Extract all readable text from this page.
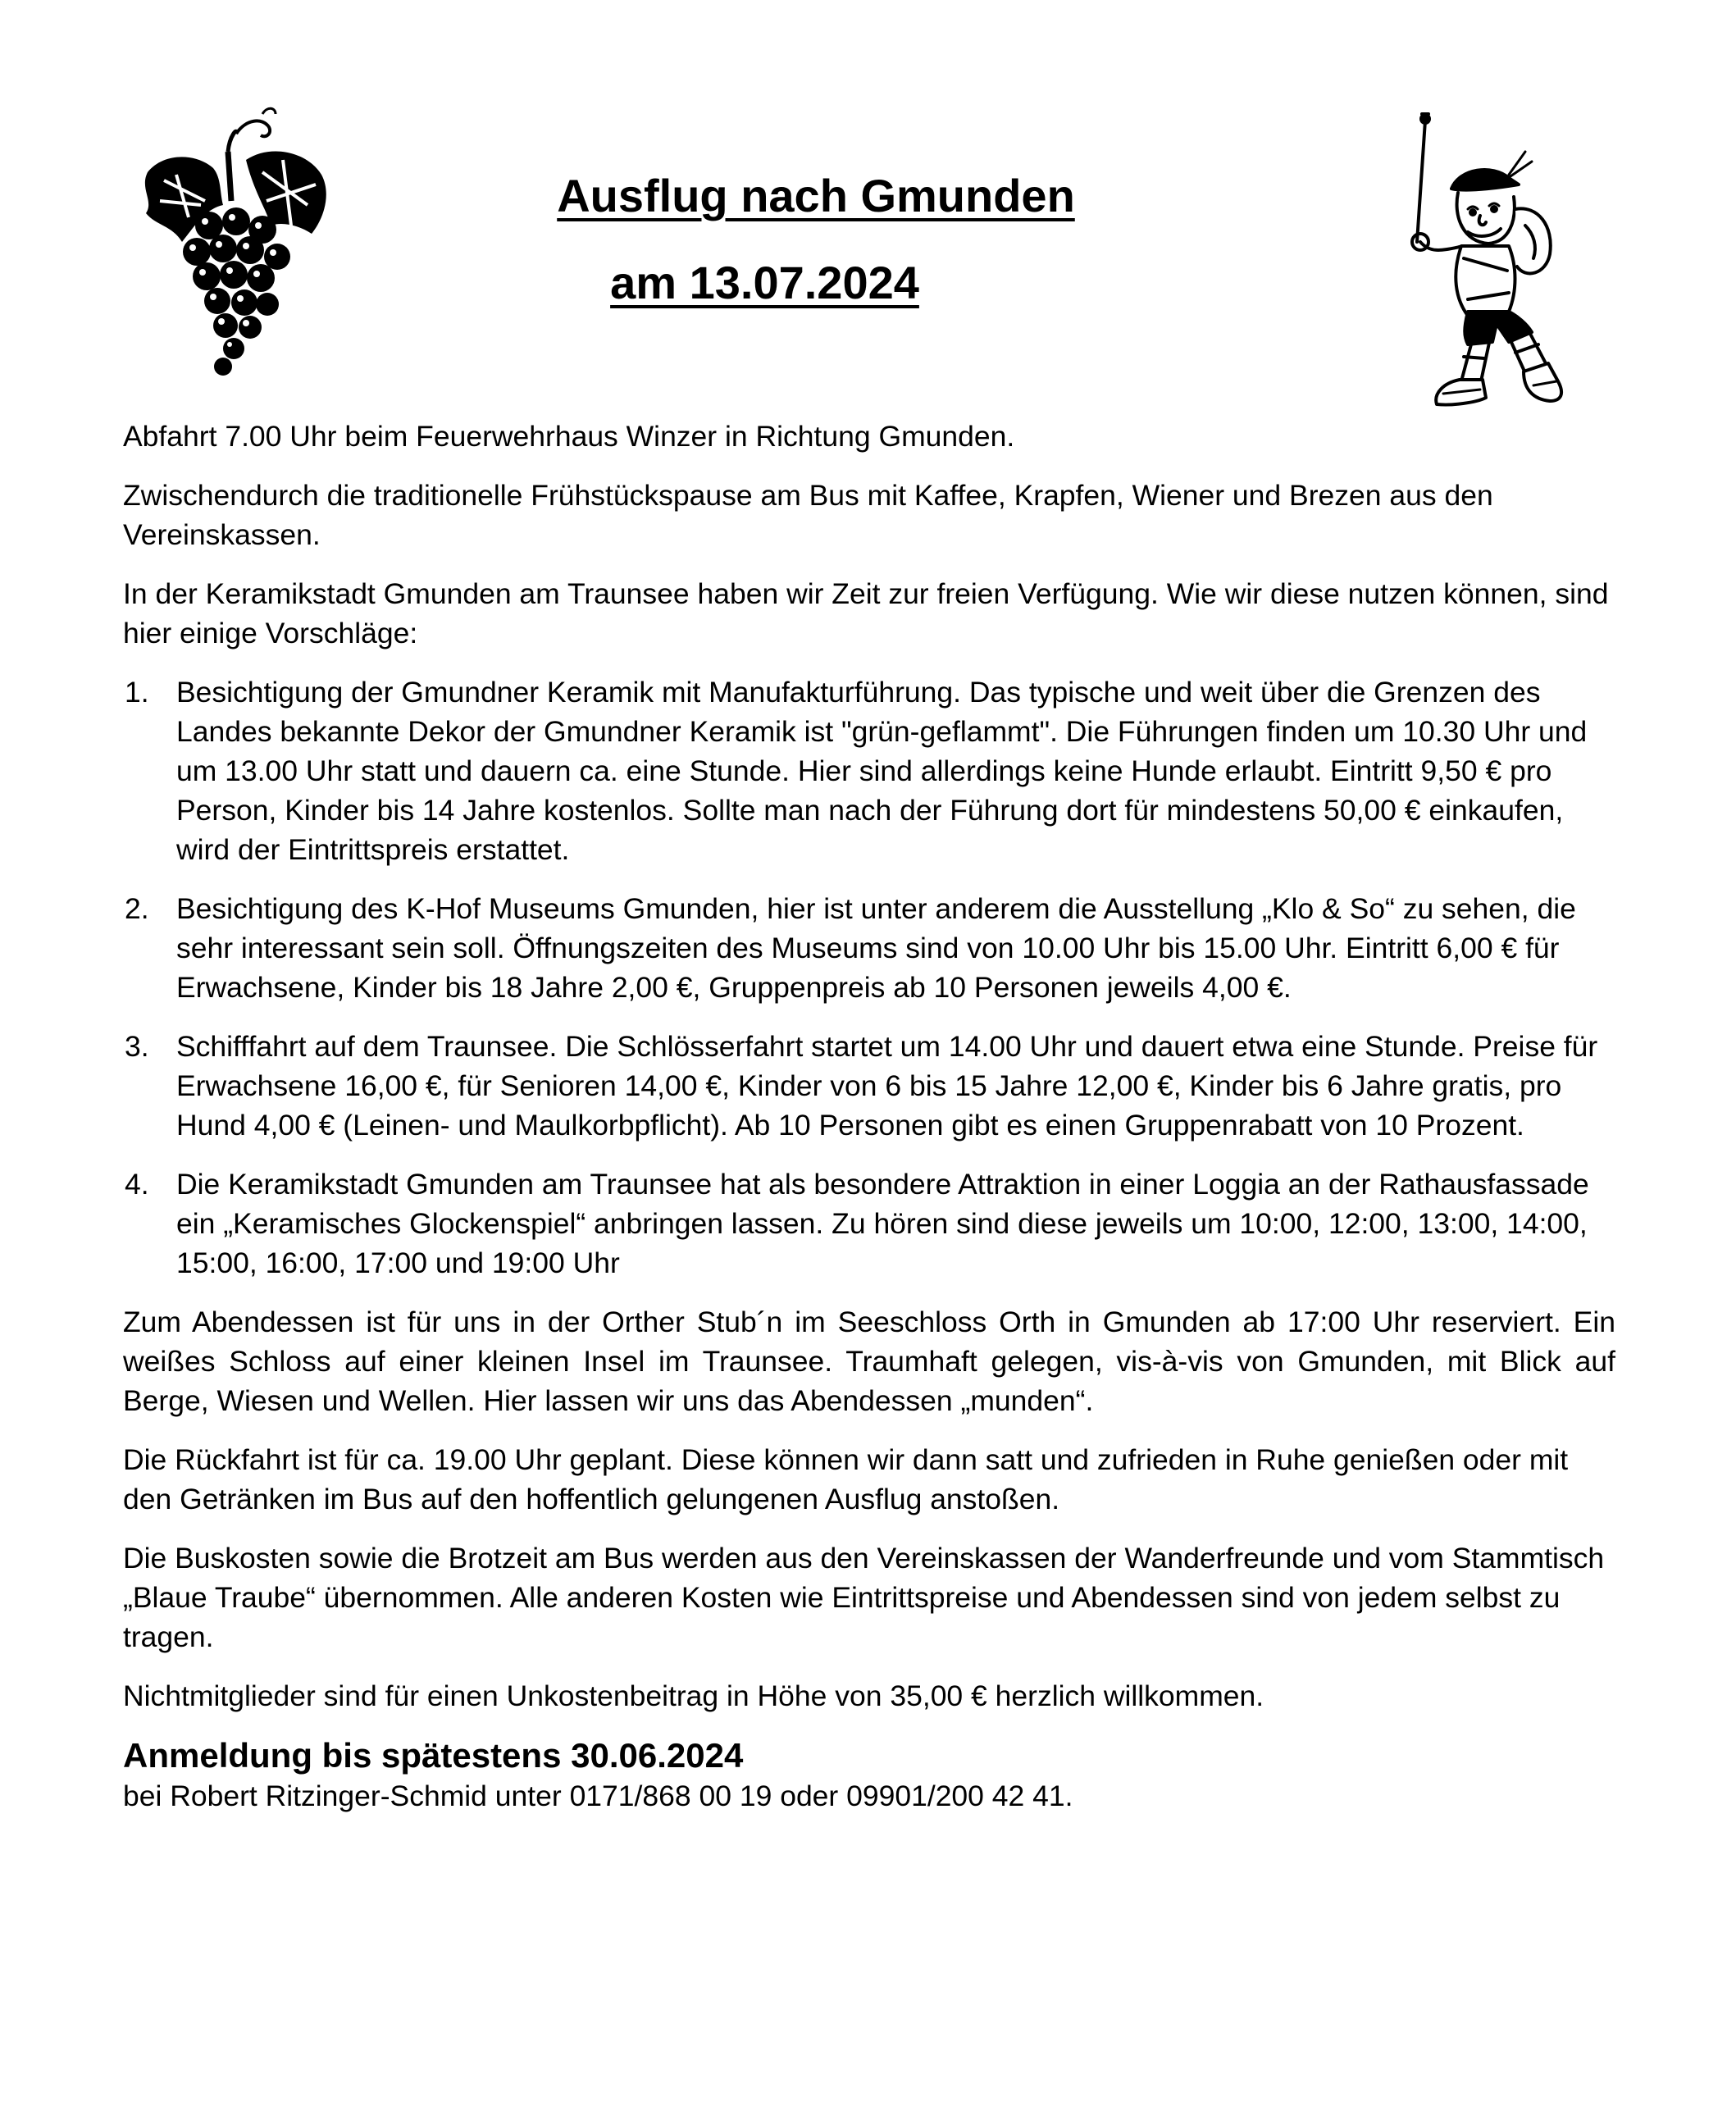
Ausflug nach Gmunden
am 13.07.2024

Abfahrt 7.00 Uhr beim Feuerwehrhaus Winzer in Richtung Gmunden.

Zwischendurch die traditionelle Frühstückspause am Bus mit Kaffee, Krapfen, Wiener und Brezen aus den Vereinskassen.

In der Keramikstadt Gmunden am Traunsee haben wir Zeit zur freien Verfügung. Wie wir diese nutzen können, sind hier einige Vorschläge:

1. Besichtigung der Gmundner Keramik mit Manufakturführung. Das typische und weit über die Grenzen des Landes bekannte Dekor der Gmundner Keramik ist "grün-geflammt". Die Führungen finden um 10.30 Uhr und um 13.00 Uhr statt und dauern ca. eine Stunde. Hier sind allerdings keine Hunde erlaubt. Eintritt 9,50 € pro Person, Kinder bis 14 Jahre kostenlos. Sollte man nach der Führung dort für mindestens 50,00 € einkaufen, wird der Eintrittspreis erstattet.
2. Besichtigung des K-Hof Museums Gmunden, hier ist unter anderem die Ausstellung „Klo & So“ zu sehen, die sehr interessant sein soll. Öffnungszeiten des Museums sind von 10.00 Uhr bis 15.00 Uhr. Eintritt 6,00 € für Erwachsene, Kinder bis 18 Jahre 2,00 €, Gruppenpreis ab 10 Personen jeweils 4,00 €.
3. Schifffahrt auf dem Traunsee. Die Schlösserfahrt startet um 14.00 Uhr und dauert etwa eine Stunde. Preise für Erwachsene 16,00 €, für Senioren 14,00 €, Kinder von 6 bis 15 Jahre 12,00 €, Kinder bis 6 Jahre gratis, pro Hund 4,00 € (Leinen- und Maulkorbpflicht). Ab 10 Personen gibt es einen Gruppenrabatt von 10 Prozent.
4. Die Keramikstadt Gmunden am Traunsee hat als besondere Attraktion in einer Loggia an der Rathausfassade ein „Keramisches Glockenspiel“ anbringen lassen. Zu hören sind diese jeweils um 10:00, 12:00, 13:00, 14:00, 15:00, 16:00, 17:00 und 19:00 Uhr

Zum Abendessen ist für uns in der Orther Stub´n im Seeschloss Orth in Gmunden ab 17:00 Uhr reserviert. Ein weißes Schloss auf einer kleinen Insel im Traunsee. Traumhaft gelegen, vis-à-vis von Gmunden, mit Blick auf Berge, Wiesen und Wellen. Hier lassen wir uns das Abendessen „munden“.

Die Rückfahrt ist für ca. 19.00 Uhr geplant. Diese können wir dann satt und zufrieden in Ruhe genießen oder mit den Getränken im Bus auf den hoffentlich gelungenen Ausflug anstoßen.

Die Buskosten sowie die Brotzeit am Bus werden aus den Vereinskassen der Wanderfreunde und vom Stammtisch „Blaue Traube“ übernommen. Alle anderen Kosten wie Eintrittspreise und Abendessen sind von jedem selbst zu tragen.

Nichtmitglieder sind für einen Unkostenbeitrag in Höhe von 35,00 € herzlich willkommen.

Anmeldung bis spätestens 30.06.2024

bei Robert Ritzinger-Schmid unter 0171/868 00 19 oder 09901/200 42 41.
